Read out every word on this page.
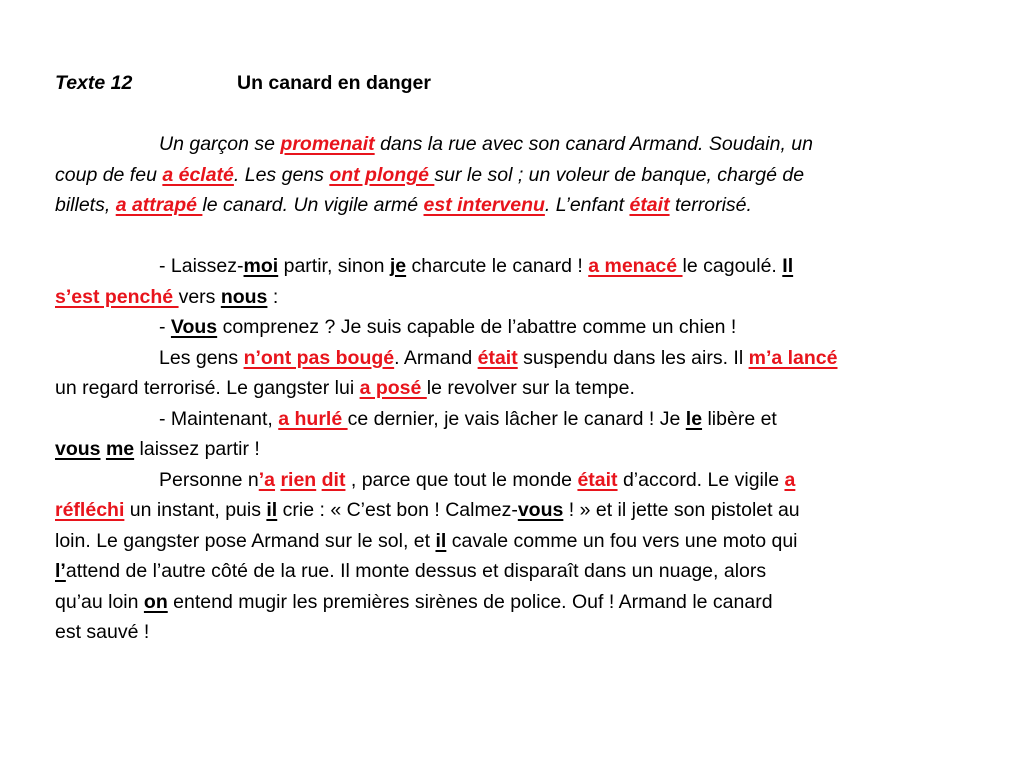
Texte 12	Un canard en danger
Un garçon se promenait dans la rue avec son canard Armand. Soudain, un
coup de feu a éclaté. Les gens ont plongé sur le sol ; un voleur de banque, chargé de
billets, a attrapé le canard. Un vigile armé est intervenu. L’enfant était terrorisé.
- Laissez-moi partir, sinon je charcute le canard ! a menacé le cagoulé. Il
s’est penché vers nous :
- Vous comprenez ? Je suis capable de l’abattre comme un chien !
Les gens n’ont pas bougé. Armand était suspendu dans les airs. Il m’a lancé
un regard terrorisé. Le gangster lui a posé le revolver sur la tempe.
- Maintenant, a hurlé ce dernier, je vais lâcher le canard ! Je le libère et
vous me laissez partir !
Personne n’a rien dit , parce que tout le monde était d’accord. Le vigile a
réfléchi un instant, puis il crie : « C’est bon ! Calmez-vous ! » et il jette son pistolet au
loin. Le gangster pose Armand sur le sol, et il cavale comme un fou vers une moto qui
l’attend de l’autre côté de la rue. Il monte dessus et disparaît dans un nuage, alors
qu’au loin on entend mugir les premières sirènes de police. Ouf ! Armand le canard
est sauvé !
